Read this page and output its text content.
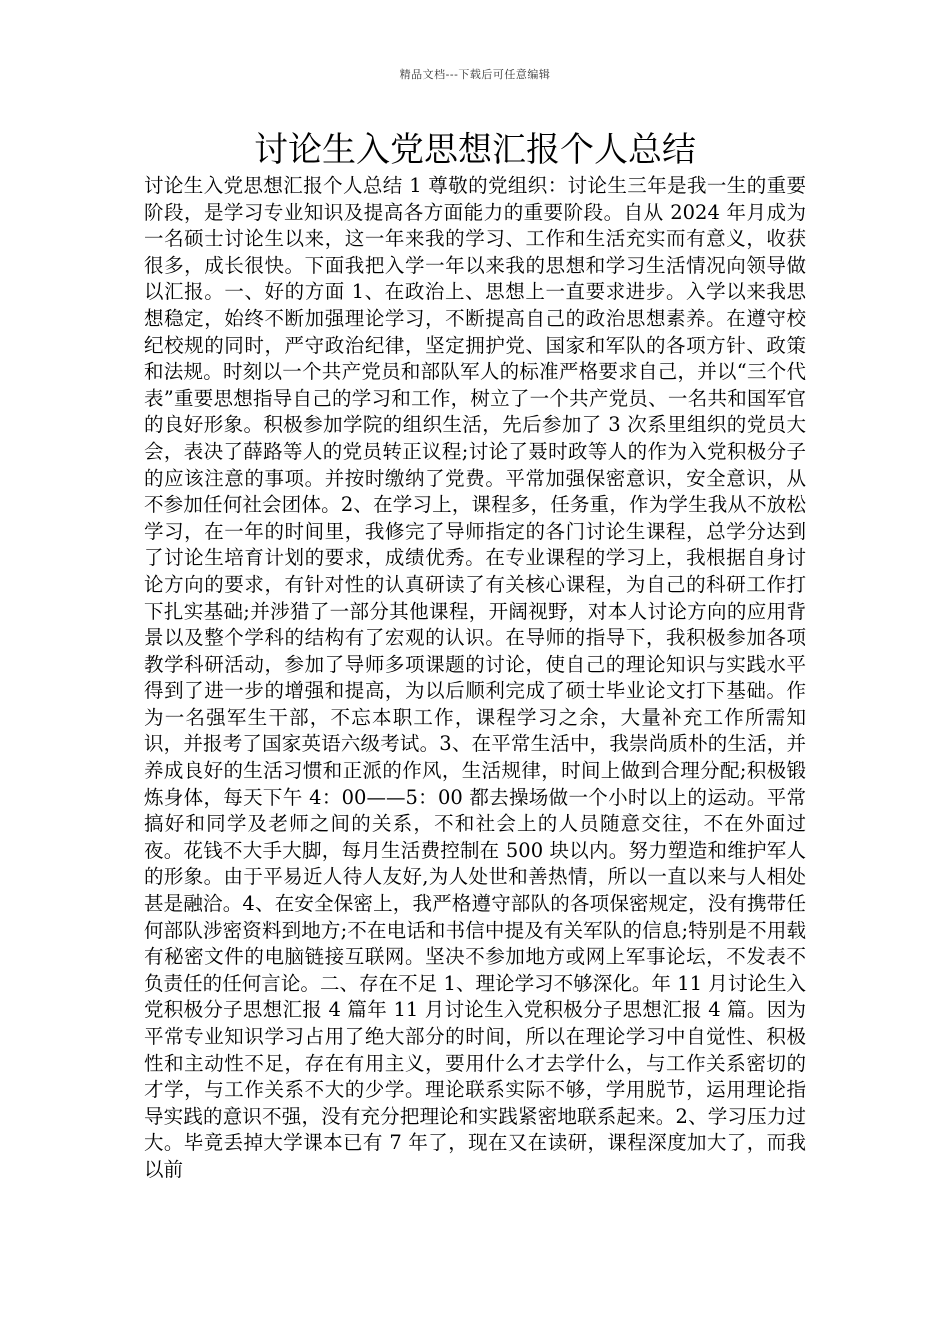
精品文档---下载后可任意编辑
讨论生入党思想汇报个人总结

讨论生入党思想汇报个人总结 1 尊敬的党组织：讨论生三年是我一生的重要阶段，是学习专业知识及提高各方面能力的重要阶段。自从 2024 年月成为一名硕士讨论生以来，这一年来我的学习、工作和生活充实而有意义，收获很多，成长很快。下面我把入学一年以来我的思想和学习生活情况向领导做以汇报。一、好的方面 1、在政治上、思想上一直要求进步。入学以来我思想稳定，始终不断加强理论学习，不断提高自己的政治思想素养。在遵守校纪校规的同时，严守政治纪律，坚定拥护党、国家和军队的各项方针、政策和法规。时刻以一个共产党员和部队军人的标准严格要求自己，并以“三个代表”重要思想指导自己的学习和工作，树立了一个共产党员、一名共和国军官的良好形象。积极参加学院的组织生活，先后参加了 3 次系里组织的党员大会，表决了薛路等人的党员转正议程;讨论了聂时政等人的作为入党积极分子的应该注意的事项。并按时缴纳了党费。平常加强保密意识，安全意识，从不参加任何社会团体。2、在学习上，课程多，任务重，作为学生我从不放松学习，在一年的时间里，我修完了导师指定的各门讨论生课程，总学分达到了讨论生培育计划的要求，成绩优秀。在专业课程的学习上，我根据自身讨论方向的要求，有针对性的认真研读了有关核心课程，为自己的科研工作打下扎实基础;并涉猎了一部分其他课程，开阔视野，对本人讨论方向的应用背景以及整个学科的结构有了宏观的认识。在导师的指导下，我积极参加各项教学科研活动，参加了导师多项课题的讨论，使自己的理论知识与实践水平得到了进一步的增强和提高，为以后顺利完成了硕士毕业论文打下基础。作为一名强军生干部，不忘本职工作，课程学习之余，大量补充工作所需知识，并报考了国家英语六级考试。3、在平常生活中，我崇尚质朴的生活，并养成良好的生活习惯和正派的作风，生活规律，时间上做到合理分配;积极锻炼身体，每天下午 4：00——5：00 都去操场做一个小时以上的运动。平常搞好和同学及老师之间的关系，不和社会上的人员随意交往，不在外面过夜。花钱不大手大脚，每月生活费控制在 500 块以内。努力塑造和维护军人的形象。由于平易近人待人友好,为人处世和善热情，所以一直以来与人相处甚是融洽。4、在安全保密上，我严格遵守部队的各项保密规定，没有携带任何部队涉密资料到地方;不在电话和书信中提及有关军队的信息;特别是不用载有秘密文件的电脑链接互联网。坚决不参加地方或网上军事论坛，不发表不负责任的任何言论。二、存在不足 1、理论学习不够深化。年 11 月讨论生入党积极分子思想汇报 4 篇年 11 月讨论生入党积极分子思想汇报 4 篇。因为平常专业知识学习占用了绝大部分的时间，所以在理论学习中自觉性、积极性和主动性不足，存在有用主义，要用什么才去学什么，与工作关系密切的才学，与工作关系不大的少学。理论联系实际不够，学用脱节，运用理论指导实践的意识不强，没有充分把理论和实践紧密地联系起来。2、学习压力过大。毕竟丢掉大学课本已有 7 年了，现在又在读研，课程深度加大了，而我以前
